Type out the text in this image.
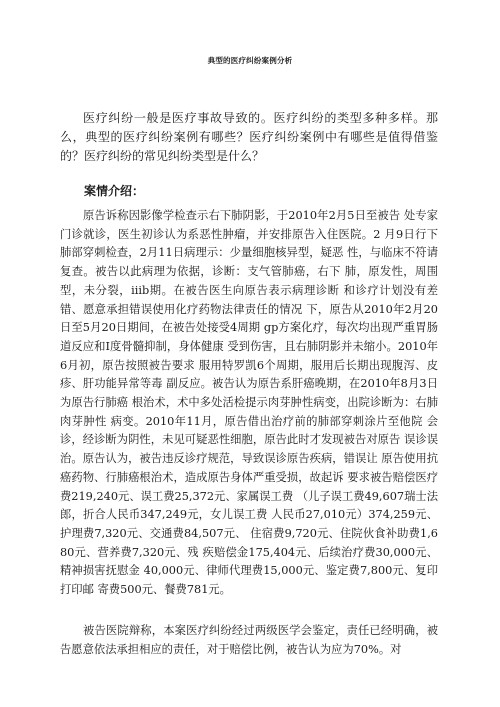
典型的医疗纠纷案例分析

医疗纠纷一般是医疗事故导致的。医疗纠纷的类型多种多样。那么，典型的医疗纠纷案例有哪些？医疗纠纷案例中有哪些是值得借鉴的？医疗纠纷的常见纠纷类型是什么？

案情介绍：

原告诉称因影像学检查示右下肺阴影，于2010年2月5日至被告 处专家门诊就诊，医生初诊认为系恶性肿瘤，并安排原告入住医院。2 月9日行下肺部穿刺检查，2月11日病理示：少量细胞核异型，疑恶 性，与临床不符请复查。被告以此病理为依据，诊断：支气管肺癌，右下 肺，原发性，周围型，未分裂，iiib期。在被告医生向原告表示病理诊断 和诊疗计划没有差错、愿意承担错误使用化疗药物法律责任的情况 下，原告从2010年2月20日至5月20日期间，在被告处接受4周期 gp方案化疗，每次均出现严重胃肠道反应和I度骨髓抑制，身体健康 受到伤害，且右肺阴影并未缩小。2010年6月初，原告按照被告要求 服用特罗凯6个周期，服用后长期出现腹泻、皮疹、肝功能异常等毒 副反应。被告认为原告系肝癌晚期，在2010年8月3日为原告行肺癌 根治术，术中多处活检提示肉芽肿性病变，出院诊断为：右肺肉芽肿性 病变。2010年11月，原告借出治疗前的肺部穿刺涂片至他院 会诊，经诊断为阴性，未见可疑恶性细胞，原告此时才发现被告对原告 误诊误治。原告认为，被告违反诊疗规范，导致误诊原告疾病，错误让 原告使用抗癌药物、行肺癌根治术，造成原告身体严重受损，故起诉 要求被告赔偿医疗费219,240元、误工费25,372元、家属误工费 （儿子误工费49,607瑞士法郎，折合人民币347,249元，女儿误工费 人民币27,010元）374,259元、护理费7,320元、交通费84,507元、 住宿费9,720元、住院伙食补助费1,680元、营养费7,320元、残 疾赔偿金175,404元、后续治疗费30,000元、精神损害抚慰金 40,000元、律师代理费15,000元、鉴定费7,800元、复印打印邮 寄费500元、餐费781元。

被告医院辩称，本案医疗纠纷经过两级医学会鉴定，责任已经明确，被告愿意依法承担相应的责任，对于赔偿比例，被告认为应为70%。对
